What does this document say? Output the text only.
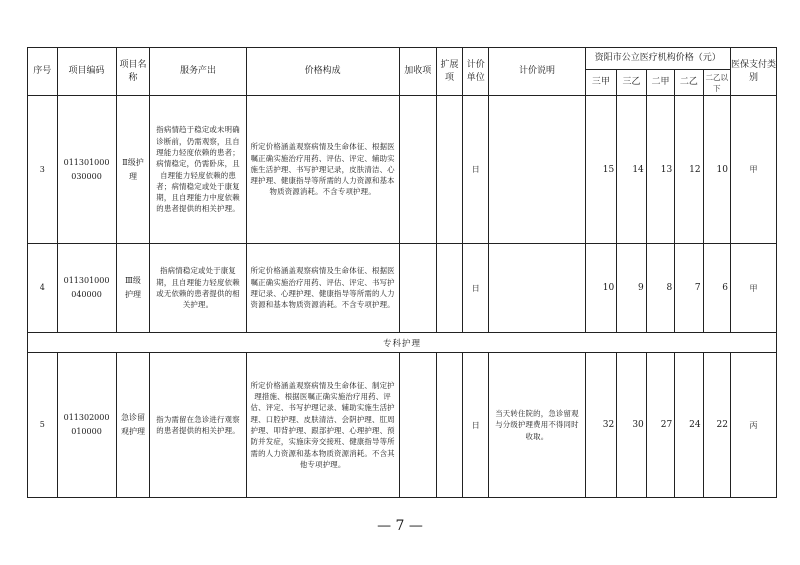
序号	项目编码	项目名称	服务产出	价格构成	加收项	扩展项	计价单位	计价说明	资阳市公立医疗机构价格（元）					医保支付类别
									三甲	三乙	二甲	二乙	二乙以下	
3	011301000030000	Ⅱ级护理	指病情趋于稳定或未明确诊断前，仍需观察，且自理能力轻度依赖的患者；病情稳定，仍需卧床，且自理能力轻度依赖的患者；病情稳定或处于康复期，且自理能力中度依赖的患者提供的相关护理。	所定价格涵盖观察病情及生命体征、根据医嘱正确实施治疗用药、评估、评定、辅助实施生活护理、书写护理记录，皮肤清洁、心理护理、健康指导等所需的人力资源和基本物质资源消耗。不含专项护理。			日		15	14	13	12	10	甲
4	011301000040000	Ⅲ级护理	指病情稳定或处于康复期，且自理能力轻度依赖或无依赖的患者提供的相关护理。	所定价格涵盖观察病情及生命体征、根据医嘱正确实施治疗用药、评估、评定、书写护理记录、心理护理、健康指导等所需的人力资源和基本物质资源消耗。不含专项护理。			日		10	9	8	7	6	甲
专科护理														
5	011302000010000	急诊留观护理	指为需留在急诊进行观察的患者提供的相关护理。	所定价格涵盖观察病情及生命体征、制定护理措施、根据医嘱正确实施治疗用药、评估、评定、书写护理记录、辅助实施生活护理、口腔护理、皮肤清洁、会阴护理、肛周护理、叩背护理、跟部护理、心理护理、预防并发症，实施床旁交接班、健康指导等所需的人力资源和基本物质资源消耗。不含其他专项护理。			日	当天转住院的，急诊留观与分级护理费用不得同时收取。	32	30	27	24	22	丙
— 7 —
